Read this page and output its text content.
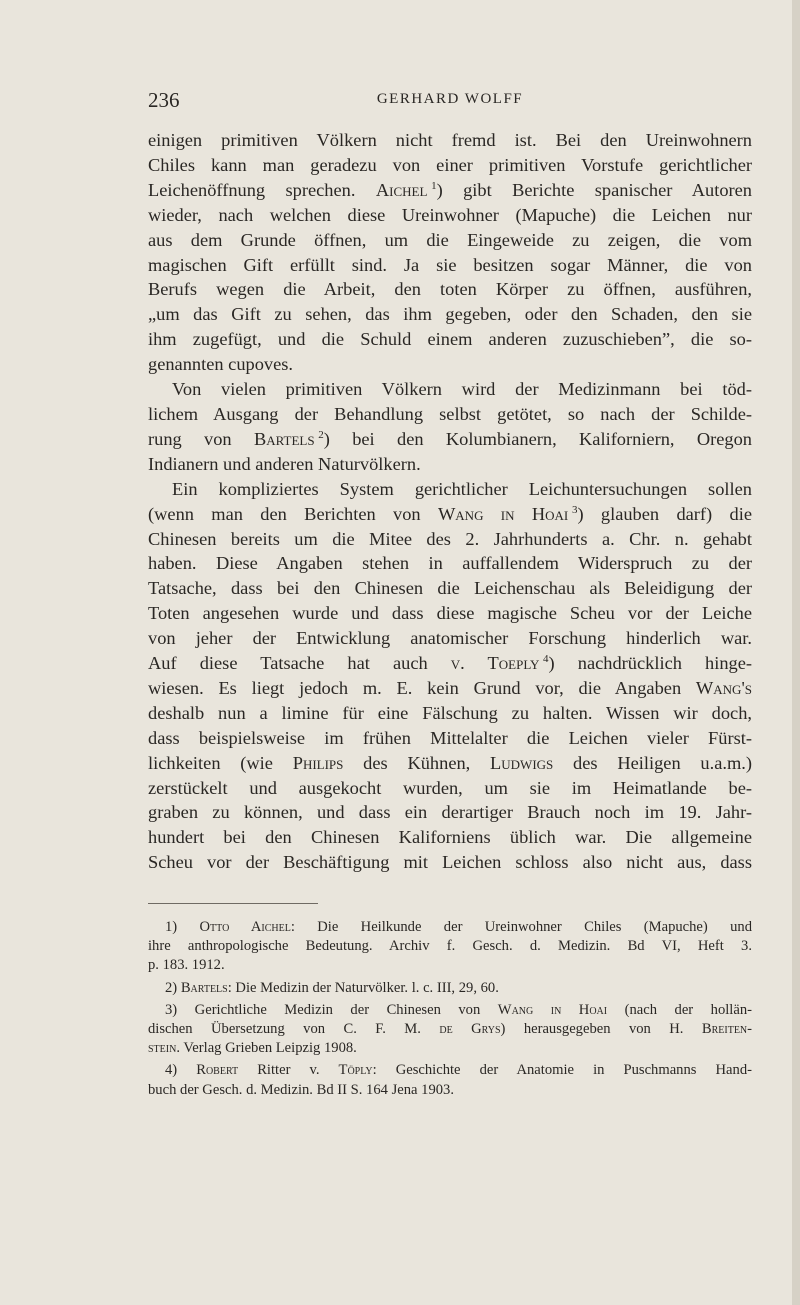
236	GERHARD WOLFF
einigen primitiven Völkern nicht fremd ist. Bei den Ureinwohnern
Chiles kann man geradezu von einer primitiven Vorstufe gerichtlicher
Leichenöffnung sprechen. Aichel  $^1$) gibt Berichte spanischer Autoren
wieder, nach welchen diese Ureinwohner (Mapuche) die Leichen nur
aus dem Grunde öffnen, um die Eingeweide zu zeigen, die vom
magischen Gift erfüllt sind. Ja sie besitzen sogar Männer, die von
Berufs wegen die Arbeit, den toten Körper zu öffnen, ausführen,
„um das Gift zu sehen, das ihm gegeben, oder den Schaden, den sie
ihm zugefügt, und die Schuld einem anderen zuzuschieben”, die so-
genannten cupoves.
Von vielen primitiven Völkern wird der Medizinmann bei töd-
lichem Ausgang der Behandlung selbst getötet, so nach der Schilde-
rung von Bartels  $^2$) bei den Kolumbianern, Kaliforniern, Oregon
Indianern und anderen Naturvölkern.
Ein kompliziertes System gerichtlicher Leichuntersuchungen sollen
(wenn man den Berichten von Wang in Hoai  $^3$) glauben darf) die
Chinesen bereits um die Mitee des 2. Jahrhunderts a. Chr. n. gehabt
haben. Diese Angaben stehen in auffallendem Widerspruch zu der
Tatsache, dass bei den Chinesen die Leichenschau als Beleidigung der
Toten angesehen wurde und dass diese magische Scheu vor der Leiche
von jeher der Entwicklung anatomischer Forschung hinderlich war.
Auf diese Tatsache hat auch v. Toeply  $^4$) nachdrücklich hinge-
wiesen. Es liegt jedoch m. E. kein Grund vor, die Angaben Wang's
deshalb nun a limine für eine Fälschung zu halten. Wissen wir doch,
dass beispielsweise im frühen Mittelalter die Leichen vieler Fürst-
lichkeiten (wie Philips des Kühnen, Ludwigs des Heiligen u.a.m.)
zerstückelt und ausgekocht wurden, um sie im Heimatlande be-
graben zu können, und dass ein derartiger Brauch noch im 19. Jahr-
hundert bei den Chinesen Kaliforniens üblich war. Die allgemeine
Scheu vor der Beschäftigung mit Leichen schloss also nicht aus, dass
1) Otto Aichel: Die Heilkunde der Ureinwohner Chiles (Mapuche) und
ihre anthropologische Bedeutung. Archiv f. Gesch. d. Medizin. Bd VI, Heft 3.
p. 183. 1912.
2) Bartels: Die Medizin der Naturvölker. l. c. III, 29, 60.
3) Gerichtliche Medizin der Chinesen von Wang in Hoai (nach der hollän-
dischen Übersetzung von C. F. M. de Grys) herausgegeben von H. Breiten-
stein. Verlag Grieben Leipzig 1908.
4) Robert Ritter v. Töply: Geschichte der Anatomie in Puschmanns Hand-
buch der Gesch. d. Medizin. Bd II S. 164 Jena 1903.
